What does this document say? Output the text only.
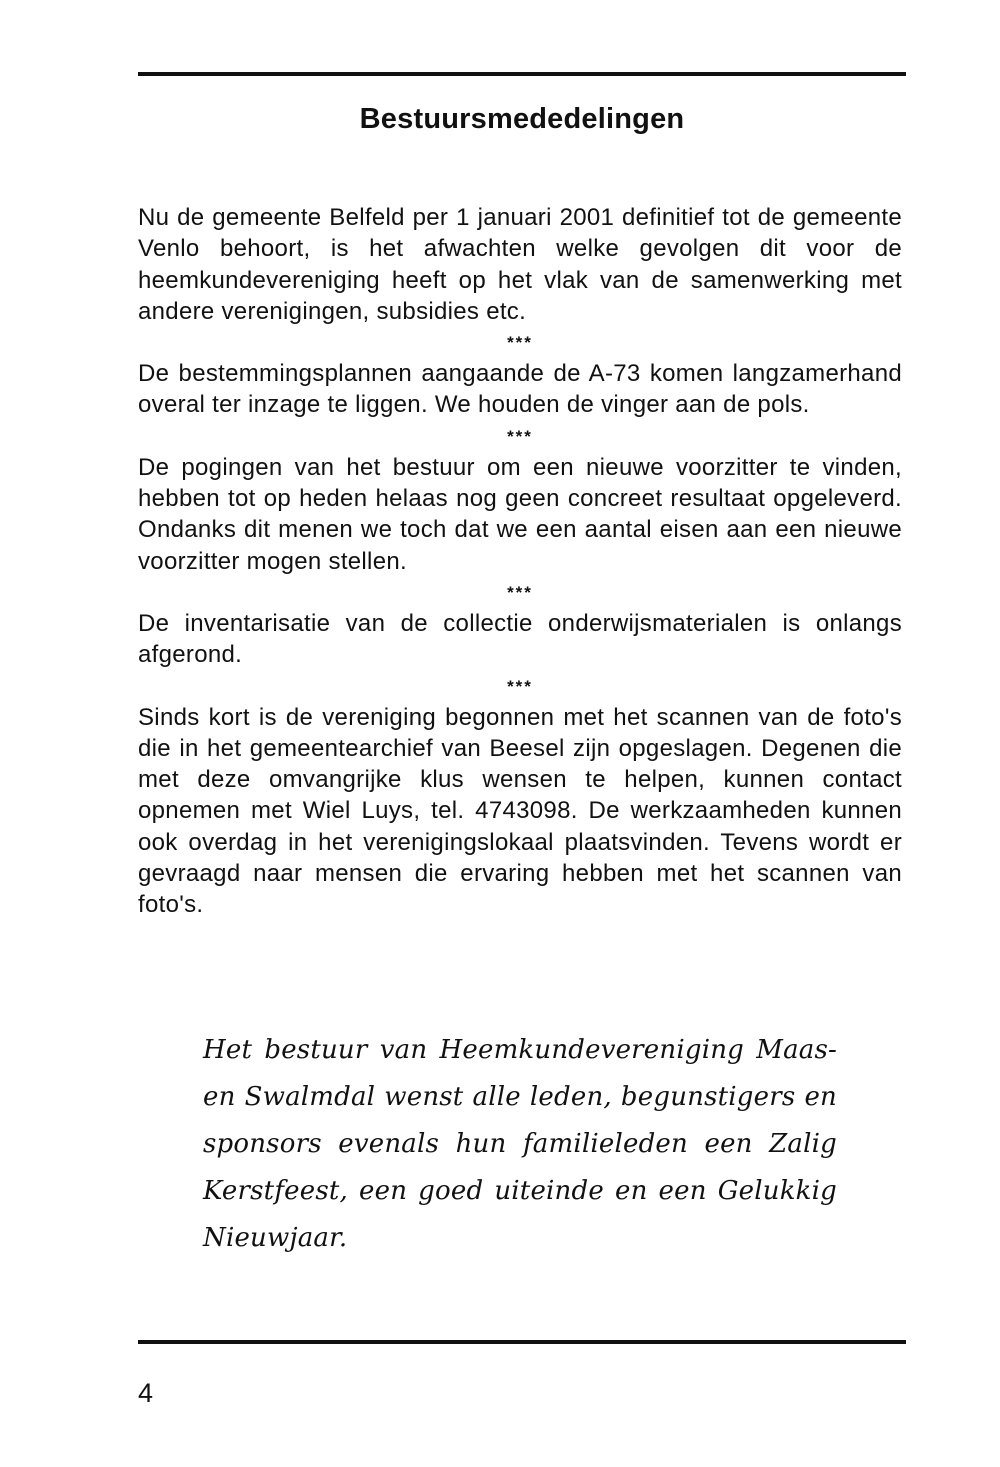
Bestuursmededelingen

Nu de gemeente Belfeld per 1 januari 2001 definitief tot de gemeente Venlo behoort, is het afwachten welke gevolgen dit voor de heemkundevereniging heeft op het vlak van de samenwerking met andere verenigingen, subsidies etc.

***

De bestemmingsplannen aangaande de A-73 komen langzamerhand overal ter inzage te liggen. We houden de vinger aan de pols.

***

De pogingen van het bestuur om een nieuwe voorzitter te vinden, hebben tot op heden helaas nog geen concreet resultaat opgeleverd. Ondanks dit menen we toch dat we een aantal eisen aan een nieuwe voorzitter mogen stellen.

***

De inventarisatie van de collectie onderwijsmaterialen is onlangs afgerond.

***

Sinds kort is de vereniging begonnen met het scannen van de foto's die in het gemeentearchief van Beesel zijn opgeslagen. Degenen die met deze omvangrijke klus wensen te helpen, kunnen contact opnemen met Wiel Luys, tel. 4743098. De werkzaamheden kunnen ook overdag in het verenigingslokaal plaatsvinden. Tevens wordt er gevraagd naar mensen die ervaring hebben met het scannen van foto's.

Het bestuur van Heemkundevereniging Maas- en Swalmdal wenst alle leden, begunstigers en sponsors evenals hun familieleden een Zalig Kerstfeest, een goed uiteinde en een Gelukkig Nieuwjaar.

4
